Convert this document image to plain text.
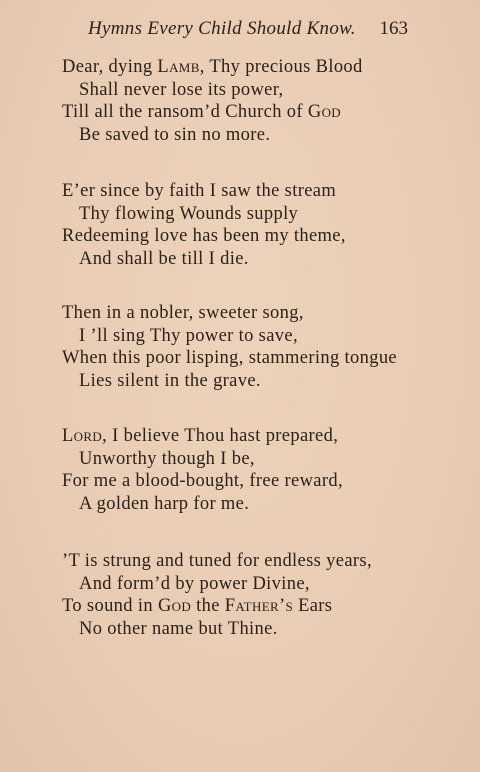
Hymns Every Child Should Know. 163
Dear, dying Lamb, Thy precious Blood
Shall never lose its power,
Till all the ransom’d Church of God
Be saved to sin no more.
E’er since by faith I saw the stream
Thy flowing Wounds supply
Redeeming love has been my theme,
And shall be till I die.
Then in a nobler, sweeter song,
I ’ll sing Thy power to save,
When this poor lisping, stammering tongue
Lies silent in the grave.
Lord, I believe Thou hast prepared,
Unworthy though I be,
For me a blood-bought, free reward,
A golden harp for me.
’T is strung and tuned for endless years,
And form’d by power Divine,
To sound in God the Father’s Ears
No other name but Thine.
